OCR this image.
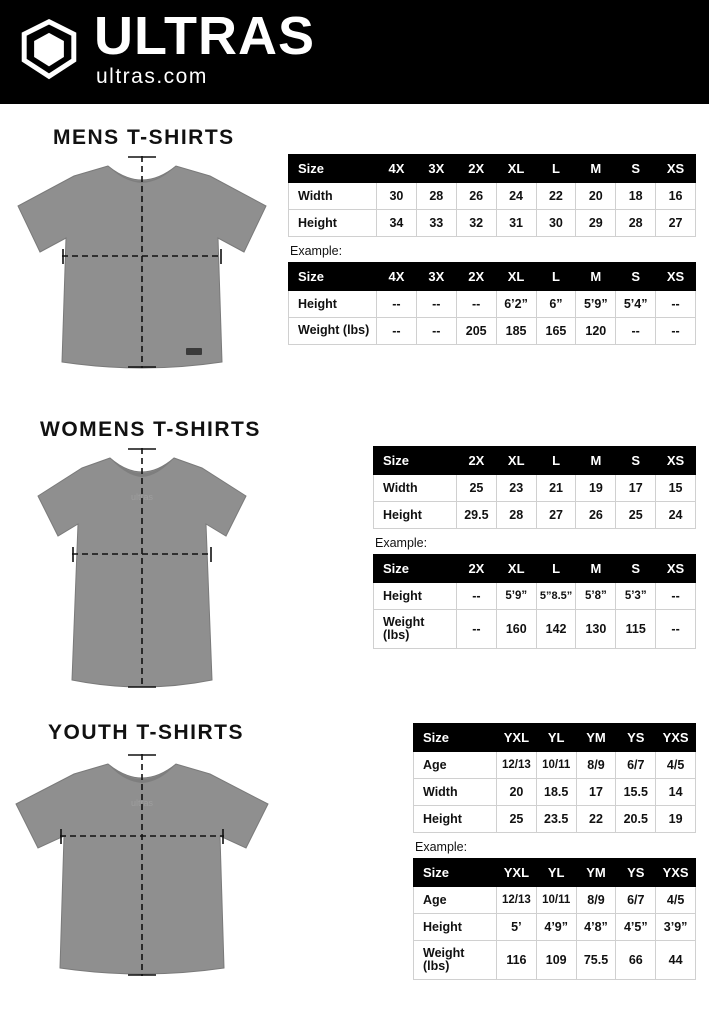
ULTRAS
ultras.com
MENS T-SHIRTS
Size	4X	3X	2X	XL	L	M	S	XS
Width	30	28	26	24	22	20	18	16
Height	34	33	32	31	30	29	28	27
Example:
Size	4X	3X	2X	XL	L	M	S	XS
Height	--	--	--	6’2”	6”	5’9”	5’4”	--
Weight (lbs)	--	--	205	185	165	120	--	--
WOMENS T-SHIRTS
ultras
Size	2X	XL	L	M	S	XS
Width	25	23	21	19	17	15
Height	29.5	28	27	26	25	24
Example:
Size	2X	XL	L	M	S	XS
Height	--	5’9”	5”8.5”	5’8”	5’3”	--
Weight (lbs)	--	160	142	130	115	--
YOUTH T-SHIRTS
ultras
Size	YXL	YL	YM	YS	YXS
Age	12/13	10/11	8/9	6/7	4/5
Width	20	18.5	17	15.5	14
Height	25	23.5	22	20.5	19
Example:
Size	YXL	YL	YM	YS	YXS
Age	12/13	10/11	8/9	6/7	4/5
Height	5’	4’9”	4’8”	4’5”	3’9”
Weight (lbs)	116	109	75.5	66	44
